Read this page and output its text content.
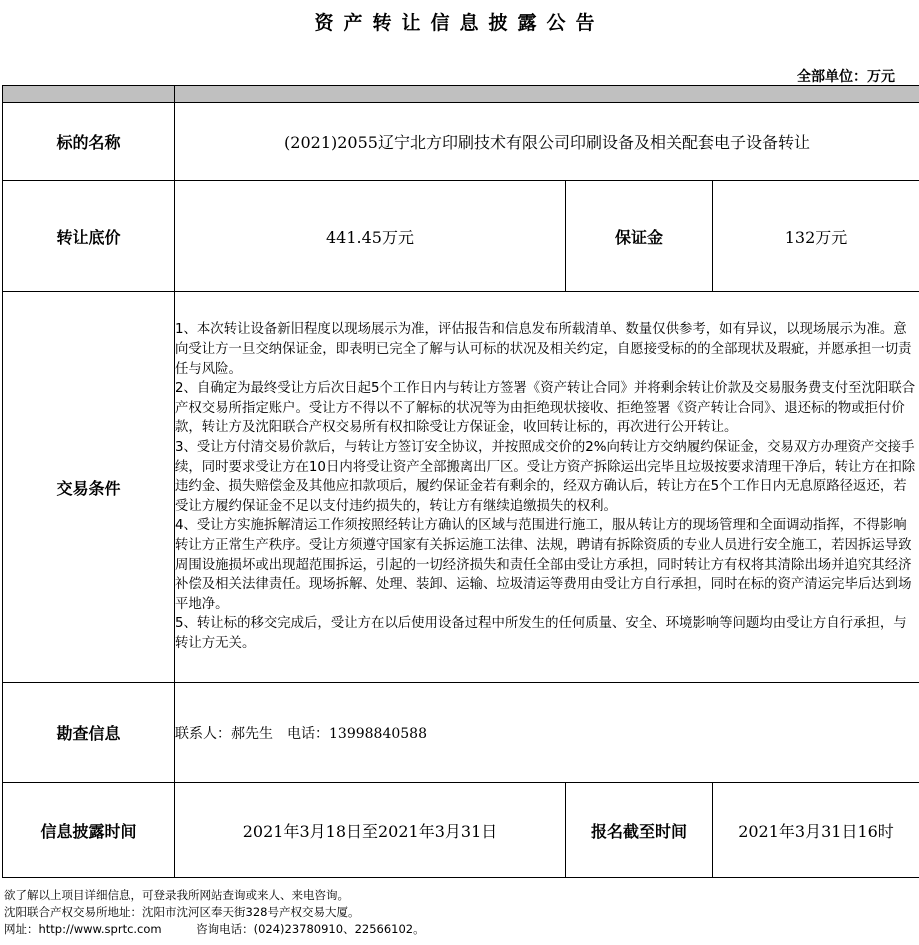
资产转让信息披露公告
全部单位：万元

标的名称	(2021)2055辽宁北方印刷技术有限公司印刷设备及相关配套电子设备转让		
转让底价	441.45万元	保证金	132万元
交易条件	1、本次转让设备新旧程度以现场展示为准，评估报告和信息发布所载清单、数量仅供参考，如有异议，以现场展示为准。意向受让方一旦交纳保证金，即表明已完全了解与认可标的状况及相关约定，自愿接受标的的全部现状及瑕疵，并愿承担一切责任与风险。

2、自确定为最终受让方后次日起5个工作日内与转让方签署《资产转让合同》并将剩余转让价款及交易服务费支付至沈阳联合产权交易所指定账户。受让方不得以不了解标的状况等为由拒绝现状接收、拒绝签署《资产转让合同》、退还标的物或拒付价款，转让方及沈阳联合产权交易所有权扣除受让方保证金，收回转让标的，再次进行公开转让。

3、受让方付清交易价款后，与转让方签订安全协议，并按照成交价的2%向转让方交纳履约保证金，交易双方办理资产交接手续，同时要求受让方在10日内将受让资产全部搬离出厂区。受让方资产拆除运出完毕且垃圾按要求清理干净后，转让方在扣除违约金、损失赔偿金及其他应扣款项后，履约保证金若有剩余的，经双方确认后，转让方在5个工作日内无息原路径返还，若受让方履约保证金不足以支付违约损失的，转让方有继续追缴损失的权利。

4、受让方实施拆解清运工作须按照经转让方确认的区域与范围进行施工，服从转让方的现场管理和全面调动指挥，不得影响转让方正常生产秩序。受让方须遵守国家有关拆运施工法律、法规，聘请有拆除资质的专业人员进行安全施工，若因拆运导致周围设施损坏或出现超范围拆运，引起的一切经济损失和责任全部由受让方承担，同时转让方有权将其清除出场并追究其经济补偿及相关法律责任。现场拆解、处理、装卸、运输、垃圾清运等费用由受让方自行承担，同时在标的资产清运完毕后达到场平地净。

5、转让标的移交完成后，受让方在以后使用设备过程中所发生的任何质量、安全、环境影响等问题均由受让方自行承担，与转让方无关。		

勘查信息	联系人：郝先生　电话：13998840588		
信息披露时间	2021年3月18日至2021年3月31日	报名截至时间	2021年3月31日16时
欲了解以上项目详细信息，可登录我所网站查询或来人、来电咨询。
沈阳联合产权交易所地址：沈阳市沈河区奉天街328号产权交易大厦。
网址：http://www.sprtc.com　　　咨询电话：(024)23780910、22566102。
